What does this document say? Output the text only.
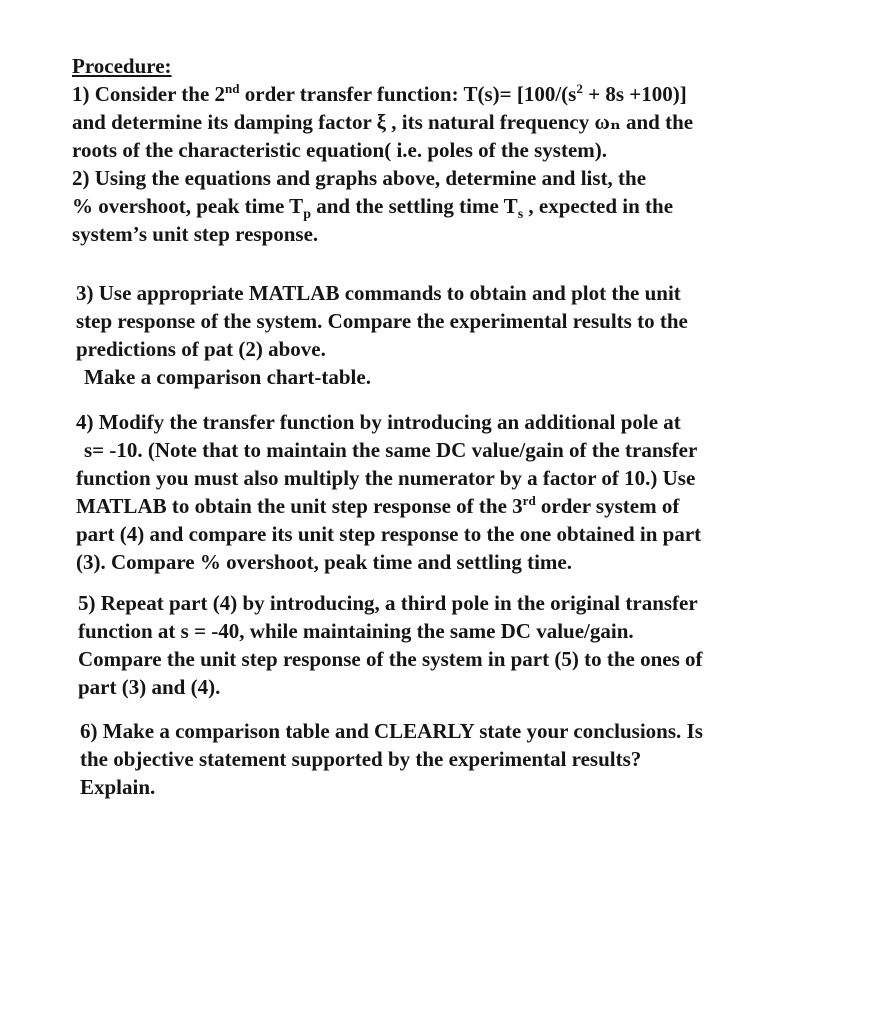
Procedure:
1) Consider the 2nd order transfer function: $T(s)= [100/(s^2 + 8s +100)]$
and determine its damping factor ξ , its natural frequency ωₙ and the
roots of the characteristic equation( i.e. poles of the system).
2) Using the equations and graphs above, determine and list, the
% overshoot, peak time $T_p$ and the settling time $T_s$ , expected in the
system’s unit step response.
3) Use appropriate MATLAB commands to obtain and plot the unit
step response of the system. Compare the experimental results to the
predictions of pat (2) above.
Make a comparison chart-table.
4) Modify the transfer function by introducing an additional pole at
s= -10. (Note that to maintain the same DC value/gain of the transfer
function you must also multiply the numerator by a factor of 10.) Use
MATLAB to obtain the unit step response of the 3rd order system of
part (4) and compare its unit step response to the one obtained in part
(3). Compare % overshoot, peak time and settling time.
5) Repeat part (4) by introducing, a third pole in the original transfer
function at s = -40, while maintaining the same DC value/gain.
Compare the unit step response of the system in part (5) to the ones of
part (3) and (4).
6) Make a comparison table and CLEARLY state your conclusions. Is
the objective statement supported by the experimental results?
Explain.
